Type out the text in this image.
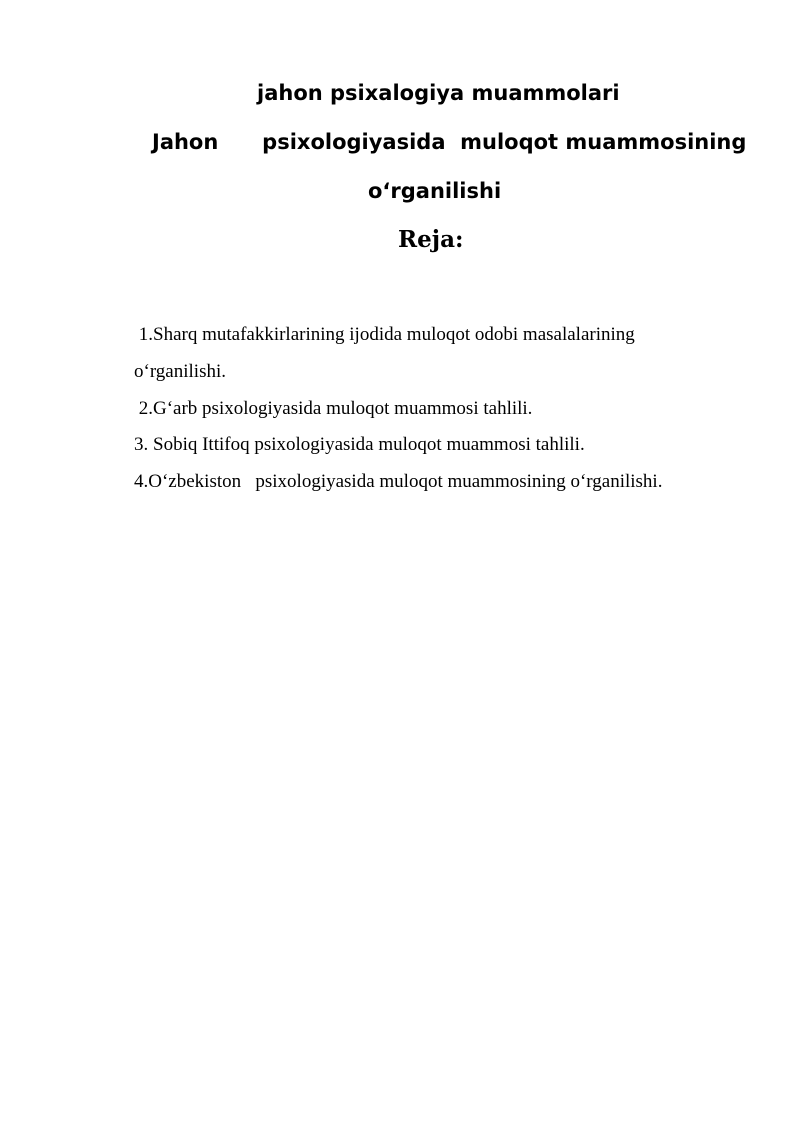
jahon psixalogiya muammolari
Jahon      psixologiyasida  muloqot muammosining
o‘rganilishi
Reja:

1.Sharq mutafakkirlarining ijodida muloqot odobi masalalarining

o‘rganilishi.

2.G‘arb psixologiyasida muloqot muammosi tahlili.

3. Sobiq Ittifoq psixologiyasida muloqot muammosi tahlili.

4.O‘zbekiston   psixologiyasida muloqot muammosining o‘rganilishi.
